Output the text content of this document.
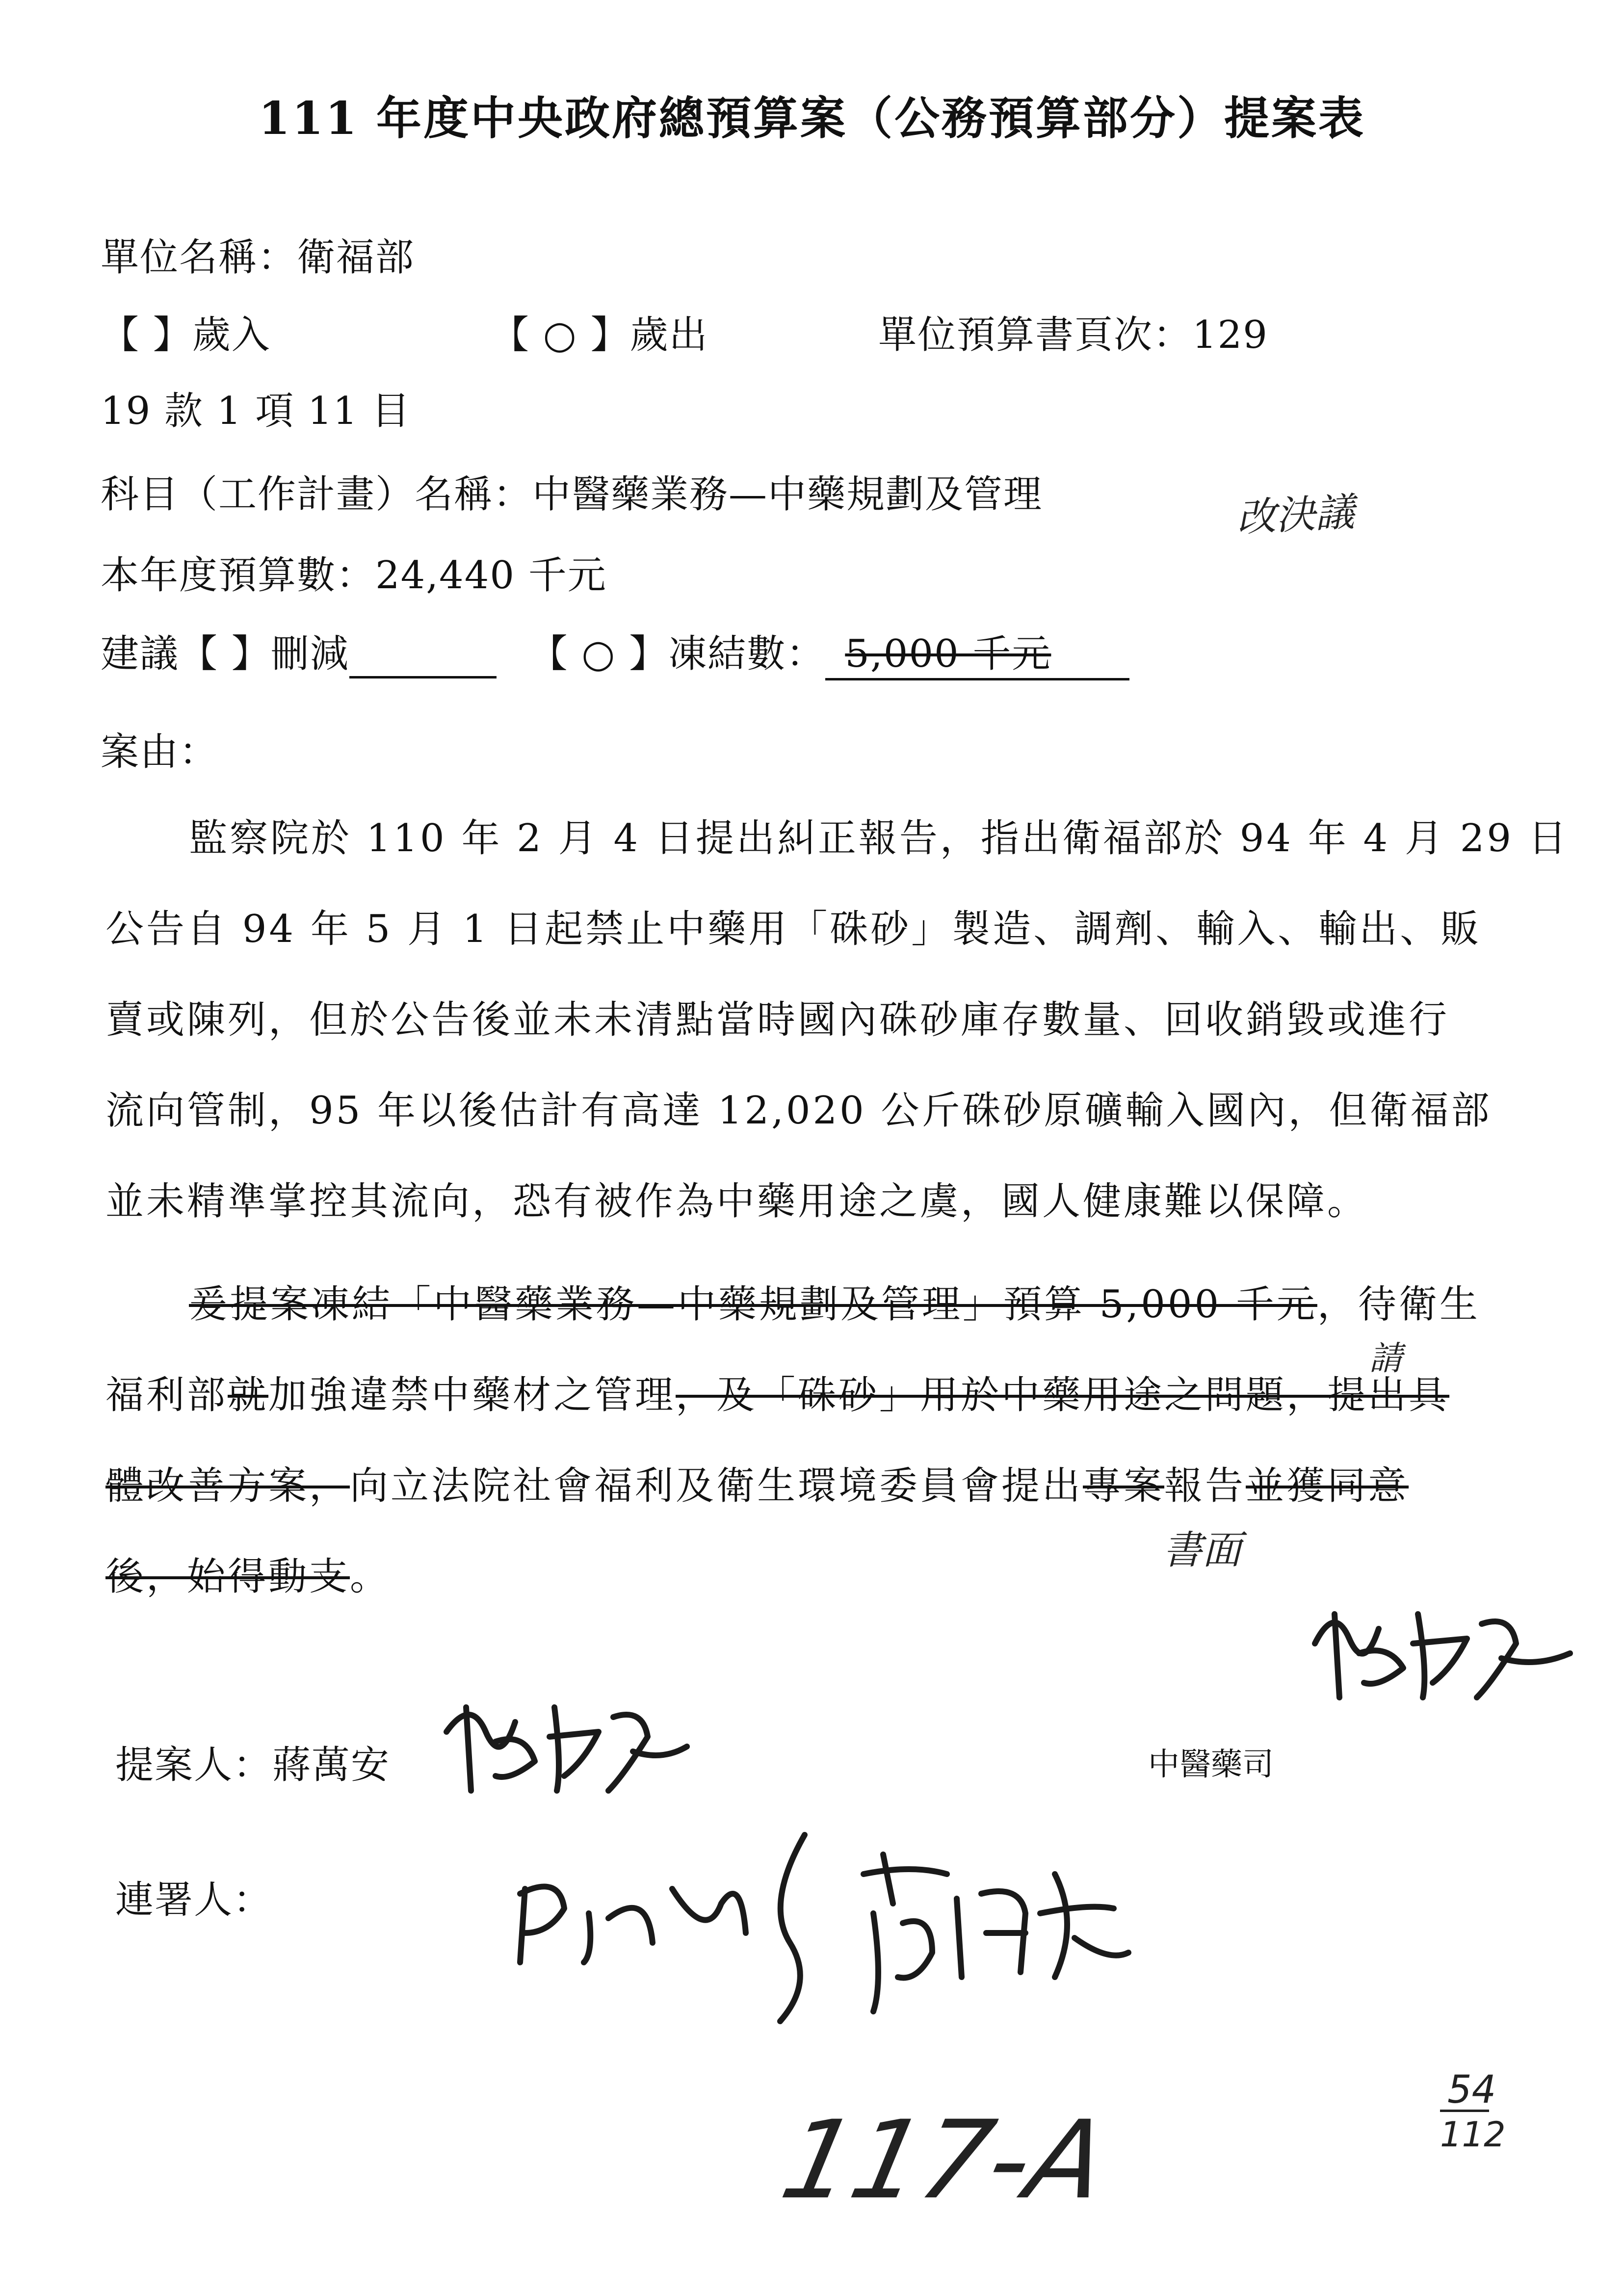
111 年度中央政府總預算案（公務預算部分）提案表
單位名稱：衛福部
【 】歲入	【 ○ 】歲出	單位預算書頁次：129
19 款 1 項 11 目
科目（工作計畫）名稱：中醫藥業務—中藥規劃及管理	改決議
本年度預算數：24,440 千元
建議【 】刪減	【 ○ 】凍結數： 5,000 千元
案由：
監察院於 110 年 2 月 4 日提出糾正報告，指出衛福部於 94 年 4 月 29 日
公告自 94 年 5 月 1 日起禁止中藥用「硃砂」製造、調劑、輸入、輸出、販
賣或陳列，但於公告後並未未清點當時國內硃砂庫存數量、回收銷毀或進行
流向管制，95 年以後估計有高達 12,020 公斤硃砂原礦輸入國內，但衛福部
並未精準掌控其流向，恐有被作為中藥用途之虞，國人健康難以保障。
爰提案凍結「中醫藥業務—中藥規劃及管理」預算 5,000 千元，待衛生
請
福利部就加強違禁中藥材之管理，及「硃砂」用於中藥用途之問題，提出具
體改善方案，向立法院社會福利及衛生環境委員會提出專案報告並獲同意
書面
後，始得動支。
提案人：蔣萬安	中醫藥司
連署人：
117-A
54
112
